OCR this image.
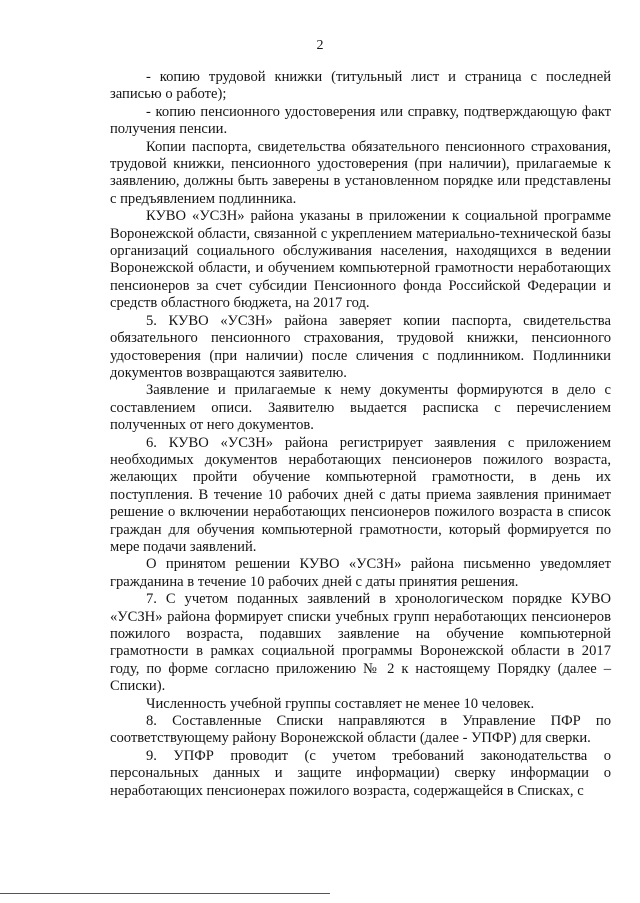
2

- копию трудовой книжки (титульный лист и страница с последней записью о работе);

- копию пенсионного удостоверения или справку, подтверждающую факт получения пенсии.

Копии паспорта, свидетельства обязательного пенсионного страхования, трудовой книжки, пенсионного удостоверения (при наличии), прилагаемые к заявлению, должны быть заверены в установленном порядке или представлены с предъявлением подлинника.

КУВО «УСЗН» района указаны в приложении к социальной программе Воронежской области, связанной с укреплением материально-технической базы организаций социального обслуживания населения, находящихся в ведении Воронежской области, и обучением компьютерной грамотности неработающих пенсионеров за счет субсидии Пенсионного фонда Российской Федерации и средств областного бюджета, на 2017 год.

5. КУВО «УСЗН» района заверяет копии паспорта, свидетельства обязательного пенсионного страхования, трудовой книжки, пенсионного удостоверения (при наличии) после сличения с подлинником. Подлинники документов возвращаются заявителю.

Заявление и прилагаемые к нему документы формируются в дело с составлением описи. Заявителю выдается расписка с перечислением полученных от него документов.

6. КУВО «УСЗН» района регистрирует заявления с приложением необходимых документов неработающих пенсионеров пожилого возраста, желающих пройти обучение компьютерной грамотности, в день их поступления. В течение 10 рабочих дней с даты приема заявления принимает решение о включении неработающих пенсионеров пожилого возраста в список граждан для обучения компьютерной грамотности, который формируется по мере подачи заявлений.

О принятом решении КУВО «УСЗН» района письменно уведомляет гражданина в течение 10 рабочих дней с даты принятия решения.

7. С учетом поданных заявлений в хронологическом порядке КУВО «УСЗН» района формирует списки учебных групп неработающих пенсионеров пожилого возраста, подавших заявление на обучение компьютерной грамотности в рамках социальной программы Воронежской области в 2017 году, по форме согласно приложению № 2 к настоящему Порядку (далее – Списки).

Численность учебной группы составляет не менее 10 человек.

8. Составленные Списки направляются в Управление ПФР по соответствующему району Воронежской области (далее - УПФР) для сверки.

9. УПФР проводит (с учетом требований законодательства о персональных данных и защите информации) сверку информации о неработающих пенсионерах пожилого возраста, содержащейся в Списках, с
